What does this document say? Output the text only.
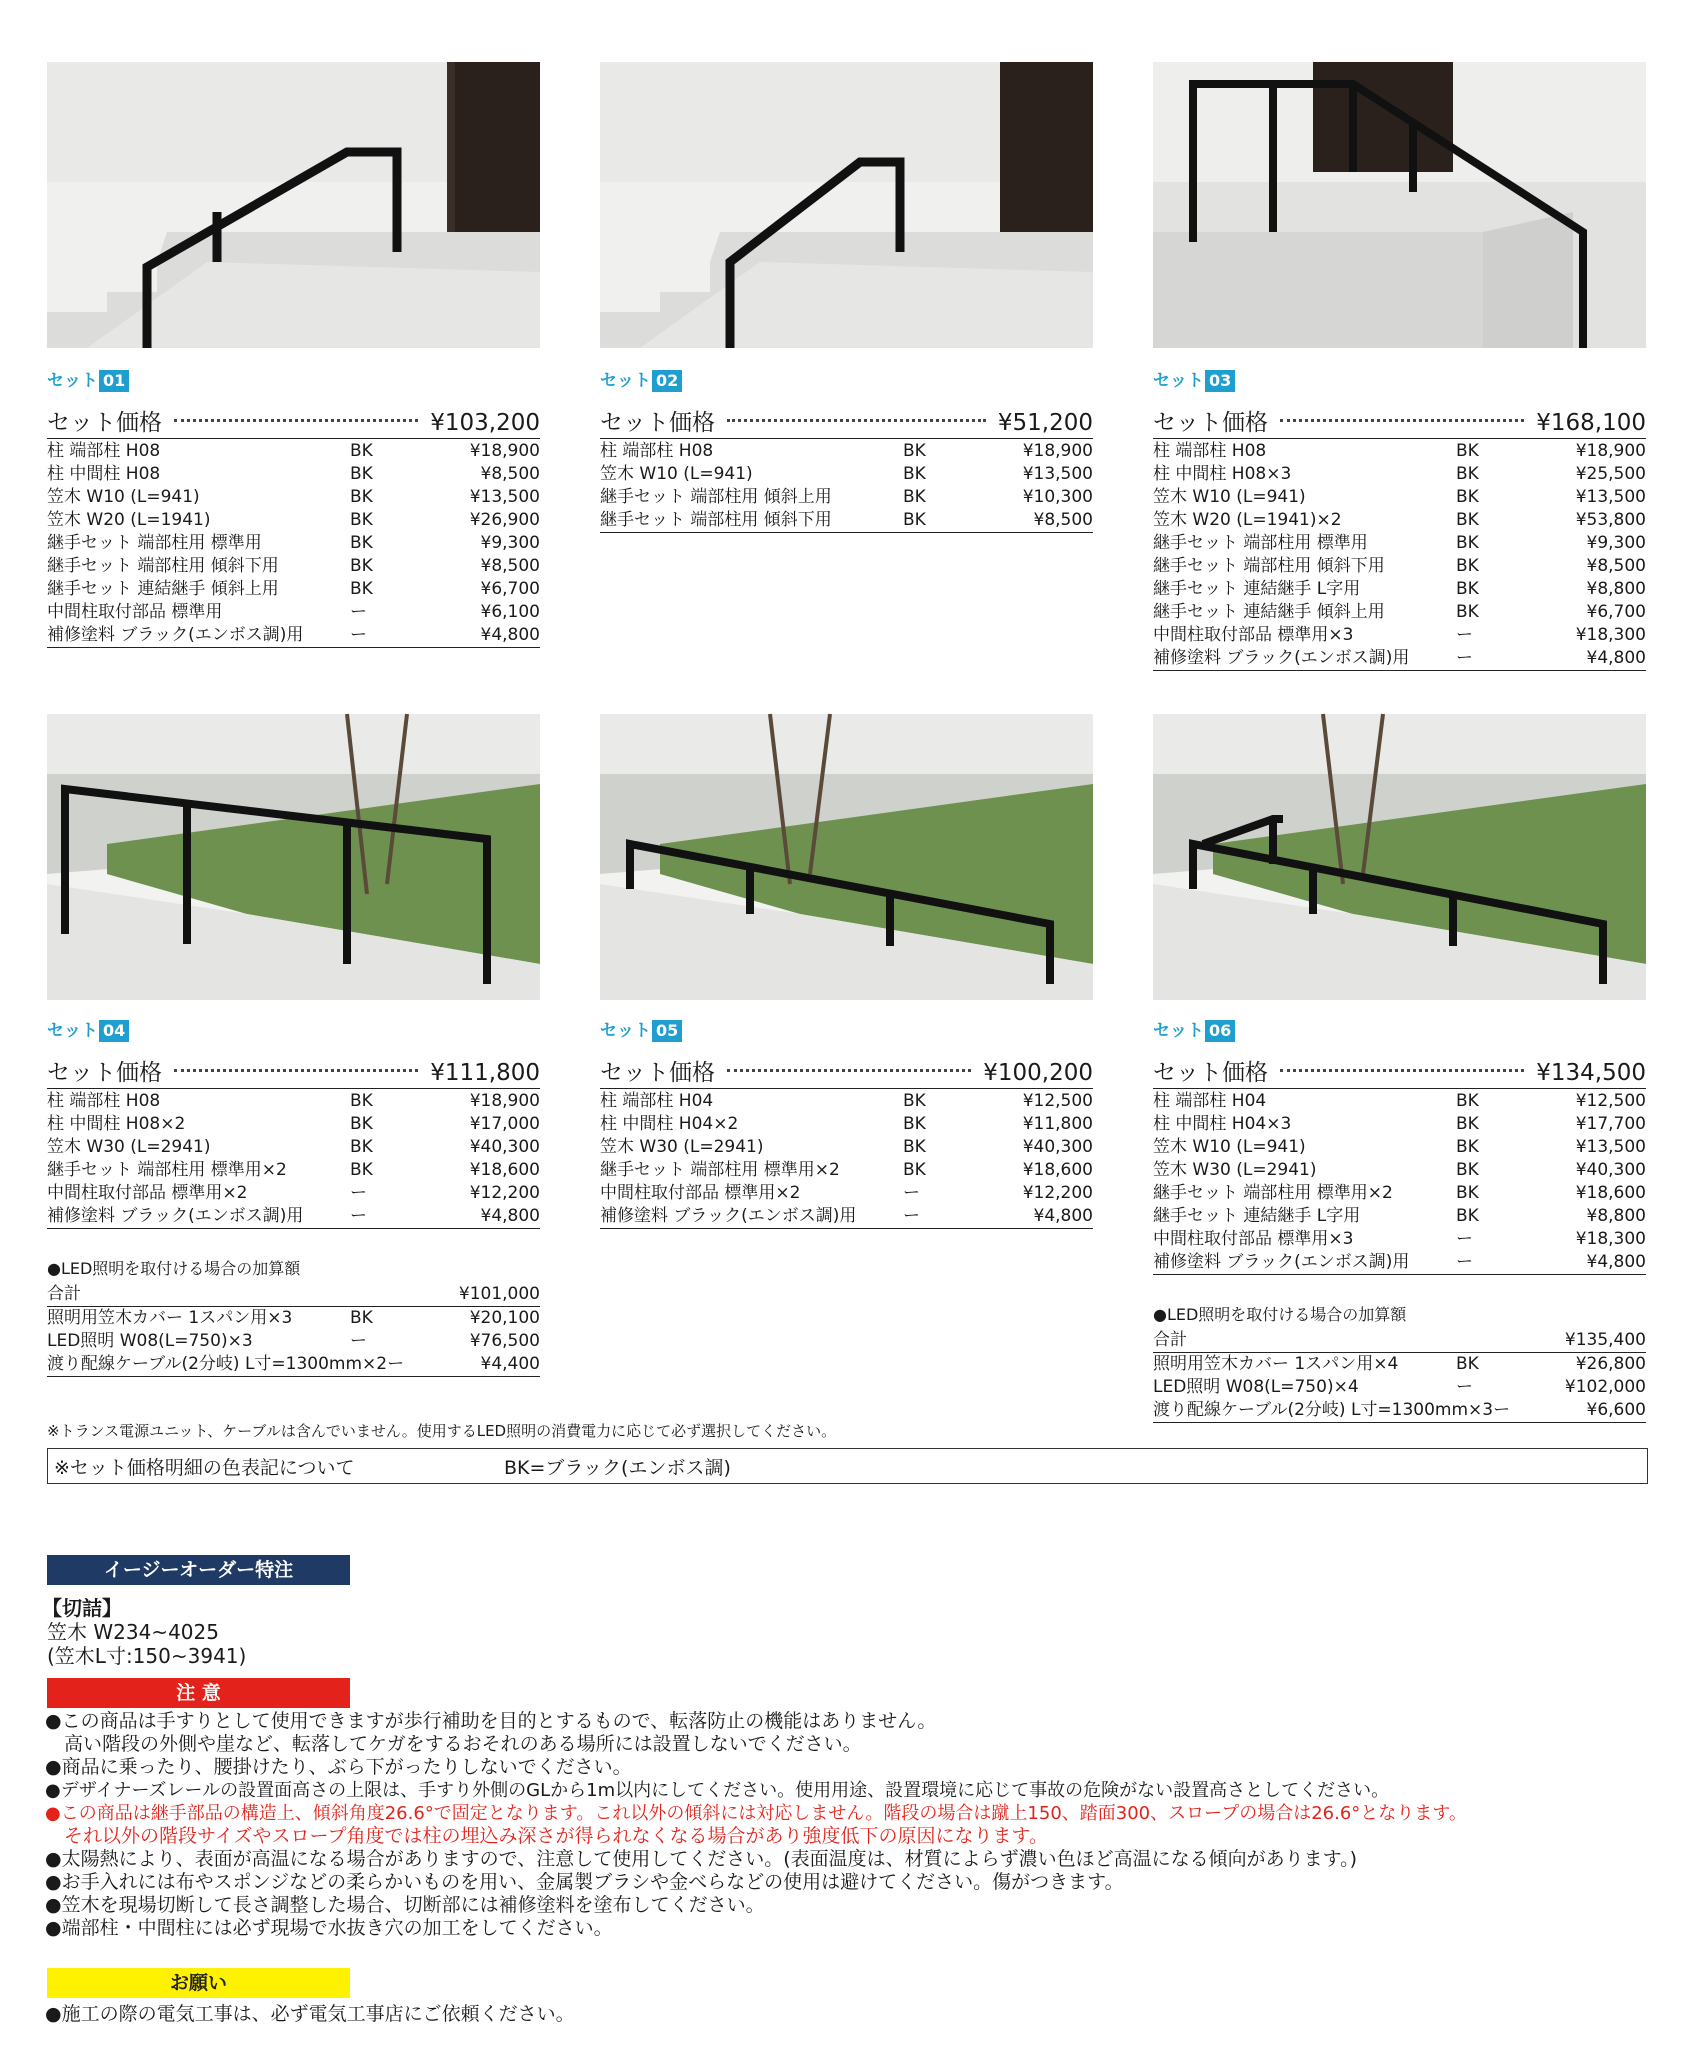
セット 01
セット価格	¥103,200
柱 端部柱 H08	BK	¥18,900
柱 中間柱 H08	BK	¥8,500
笠木 W10 (L=941)	BK	¥13,500
笠木 W20 (L=1941)	BK	¥26,900
継手セット 端部柱用 標準用	BK	¥9,300
継手セット 端部柱用 傾斜下用	BK	¥8,500
継手セット 連結継手 傾斜上用	BK	¥6,700
中間柱取付部品 標準用	ー	¥6,100
補修塗料 ブラック(エンボス調)用	ー	¥4,800
セット 02
セット価格	¥51,200
柱 端部柱 H08	BK	¥18,900
笠木 W10 (L=941)	BK	¥13,500
継手セット 端部柱用 傾斜上用	BK	¥10,300
継手セット 端部柱用 傾斜下用	BK	¥8,500
セット 03
セット価格	¥168,100
柱 端部柱 H08	BK	¥18,900
柱 中間柱 H08×3	BK	¥25,500
笠木 W10 (L=941)	BK	¥13,500
笠木 W20 (L=1941)×2	BK	¥53,800
継手セット 端部柱用 標準用	BK	¥9,300
継手セット 端部柱用 傾斜下用	BK	¥8,500
継手セット 連結継手 L字用	BK	¥8,800
継手セット 連結継手 傾斜上用	BK	¥6,700
中間柱取付部品 標準用×3	ー	¥18,300
補修塗料 ブラック(エンボス調)用	ー	¥4,800
セット 04
セット価格	¥111,800
柱 端部柱 H08	BK	¥18,900
柱 中間柱 H08×2	BK	¥17,000
笠木 W30 (L=2941)	BK	¥40,300
継手セット 端部柱用 標準用×2	BK	¥18,600
中間柱取付部品 標準用×2	ー	¥12,200
補修塗料 ブラック(エンボス調)用	ー	¥4,800
●LED照明を取付ける場合の加算額
合計	¥101,000
照明用笠木カバー 1スパン用×3	BK	¥20,100
LED照明 W08(L=750)×3	ー	¥76,500
渡り配線ケーブル(2分岐) L寸=1300mm×2 ー	¥4,400
セット 05
セット価格	¥100,200
柱 端部柱 H04	BK	¥12,500
柱 中間柱 H04×2	BK	¥11,800
笠木 W30 (L=2941)	BK	¥40,300
継手セット 端部柱用 標準用×2	BK	¥18,600
中間柱取付部品 標準用×2	ー	¥12,200
補修塗料 ブラック(エンボス調)用	ー	¥4,800
セット 06
セット価格	¥134,500
柱 端部柱 H04	BK	¥12,500
柱 中間柱 H04×3	BK	¥17,700
笠木 W10 (L=941)	BK	¥13,500
笠木 W30 (L=2941)	BK	¥40,300
継手セット 端部柱用 標準用×2	BK	¥18,600
継手セット 連結継手 L字用	BK	¥8,800
中間柱取付部品 標準用×3	ー	¥18,300
補修塗料 ブラック(エンボス調)用	ー	¥4,800
●LED照明を取付ける場合の加算額
合計	¥135,400
照明用笠木カバー 1スパン用×4	BK	¥26,800
LED照明 W08(L=750)×4	ー	¥102,000
渡り配線ケーブル(2分岐) L寸=1300mm×3 ー	¥6,600
※トランス電源ユニット、ケーブルは含んでいません。使用するLED照明の消費電力に応じて必ず選択してください。
※セット価格明細の色表記について	BK=ブラック(エンボス調)
イージーオーダー特注
【切詰】
笠木 W234~4025
(笠木L寸:150~3941)
注 意
●この商品は手すりとして使用できますが歩行補助を目的とするもので、転落防止の機能はありません。
　高い階段の外側や崖など、転落してケガをするおそれのある場所には設置しないでください。
●商品に乗ったり、腰掛けたり、ぶら下がったりしないでください。
●デザイナーズレールの設置面高さの上限は、手すり外側のGLから1m以内にしてください。使用用途、設置環境に応じて事故の危険がない設置高さとしてください。
●この商品は継手部品の構造上、傾斜角度26.6°で固定となります。これ以外の傾斜には対応しません。階段の場合は蹴上150、踏面300、スロープの場合は26.6°となります。
　それ以外の階段サイズやスロープ角度では柱の埋込み深さが得られなくなる場合があり強度低下の原因になります。
●太陽熱により、表面が高温になる場合がありますので、注意して使用してください。(表面温度は、材質によらず濃い色ほど高温になる傾向があります。)
●お手入れには布やスポンジなどの柔らかいものを用い、金属製ブラシや金べらなどの使用は避けてください。傷がつきます。
●笠木を現場切断して長さ調整した場合、切断部には補修塗料を塗布してください。
●端部柱・中間柱には必ず現場で水抜き穴の加工をしてください。
お願い
●施工の際の電気工事は、必ず電気工事店にご依頼ください。
